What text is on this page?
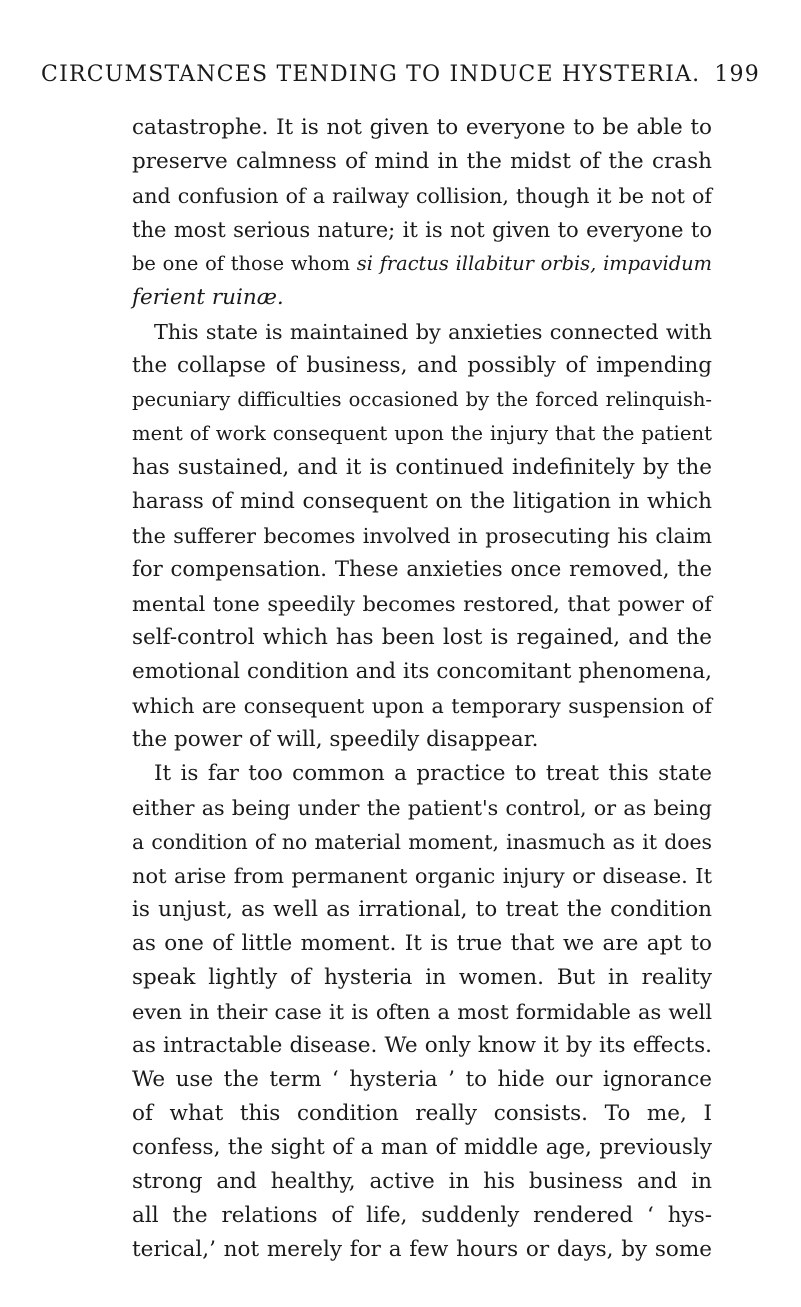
CIRCUMSTANCES TENDING TO INDUCE HYSTERIA. 199
catastrophe. It is not given to everyone to be able to
preserve calmness of mind in the midst of the crash
and confusion of a railway collision, though it be not of
the most serious nature; it is not given to everyone to
be one of those whom si fractus illabitur orbis, impavidum
ferient ruinæ.
This state is maintained by anxieties connected with
the collapse of business, and possibly of impending
pecuniary difficulties occasioned by the forced relinquish-
ment of work consequent upon the injury that the patient
has sustained, and it is continued indefinitely by the
harass of mind consequent on the litigation in which
the sufferer becomes involved in prosecuting his claim
for compensation. These anxieties once removed, the
mental tone speedily becomes restored, that power of
self-control which has been lost is regained, and the
emotional condition and its concomitant phenomena,
which are consequent upon a temporary suspension of
the power of will, speedily disappear.
It is far too common a practice to treat this state
either as being under the patient's control, or as being
a condition of no material moment, inasmuch as it does
not arise from permanent organic injury or disease. It
is unjust, as well as irrational, to treat the condition
as one of little moment. It is true that we are apt to
speak lightly of hysteria in women. But in reality
even in their case it is often a most formidable as well
as intractable disease. We only know it by its effects.
We use the term ‘ hysteria ’ to hide our ignorance
of what this condition really consists. To me, I
confess, the sight of a man of middle age, previously
strong and healthy, active in his business and in
all the relations of life, suddenly rendered ‘ hys-
terical,’ not merely for a few hours or days, by some
